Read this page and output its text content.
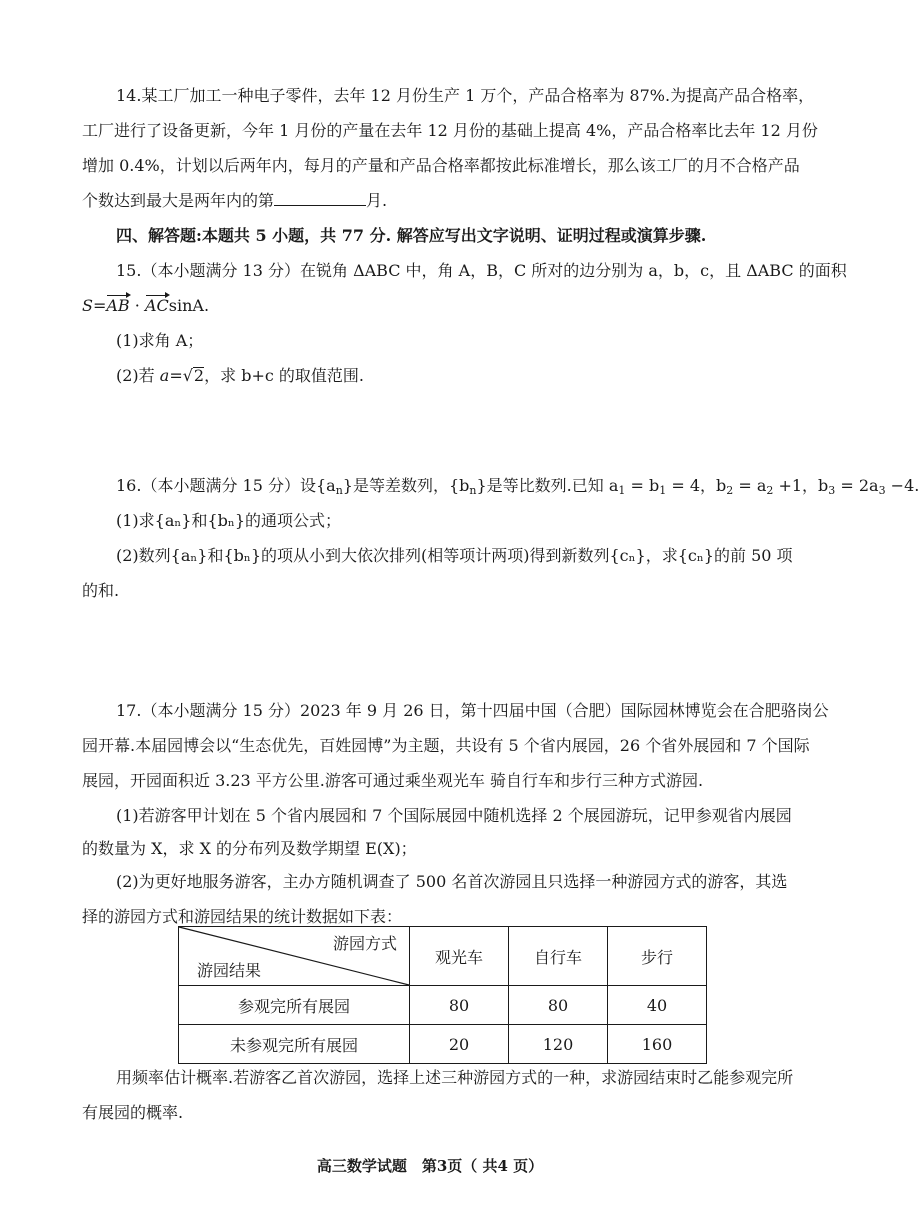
14.某工厂加工一种电子零件，去年 12 月份生产 1 万个，产品合格率为 87%.为提高产品合格率，
工厂进行了设备更新，今年 1 月份的产量在去年 12 月份的基础上提高 4%，产品合格率比去年 12 月份
增加 0.4%，计划以后两年内，每月的产量和产品合格率都按此标准增长，那么该工厂的月不合格产品
个数达到最大是两年内的第	月.
四、解答题:本题共 5 小题，共 77 分. 解答应写出文字说明、证明过程或演算步骤.
15.（本小题满分 13 分）在锐角 ΔABC 中，角 A，B，C 所对的边分别为 a，b，c，且 ΔABC 的面积
S=AB · ACsinA.
(1)求角 A；
(2)若 a=√2，求 b+c 的取值范围.
16.（本小题满分 15 分）设$\{a_n\}$是等差数列，$\{b_n\}$是等比数列.已知 $a_1 = b_1 = 4$，$b_2 = a_2 +1$，$b_3 = 2a_3 -4$.
(1)求{aₙ}和{bₙ}的通项公式；
(2)数列{aₙ}和{bₙ}的项从小到大依次排列(相等项计两项)得到新数列{cₙ}，求{cₙ}的前 50 项
的和.
17.（本小题满分 15 分）2023 年 9 月 26 日，第十四届中国（合肥）国际园林博览会在合肥骆岗公
园开幕.本届园博会以“生态优先，百姓园博”为主题，共设有 5 个省内展园，26 个省外展园和 7 个国际
展园，开园面积近 3.23 平方公里.游客可通过乘坐观光车 骑自行车和步行三种方式游园.
(1)若游客甲计划在 5 个省内展园和 7 个国际展园中随机选择 2 个展园游玩，记甲参观省内展园
的数量为 X，求 X 的分布列及数学期望 E(X)；
(2)为更好地服务游客，主办方随机调查了 500 名首次游园且只选择一种游园方式的游客，其选
游园方式
游园结果	观光车	自行车	步行
参观完所有展园	80	80	40
未参观完所有展园	20	120	160
用频率估计概率.若游客乙首次游园，选择上述三种游园方式的一种，求游园结束时乙能参观完所
有展园的概率.
高三数学试题　第3页（ 共4 页）
择的游园方式和游园结果的统计数据如下表：
